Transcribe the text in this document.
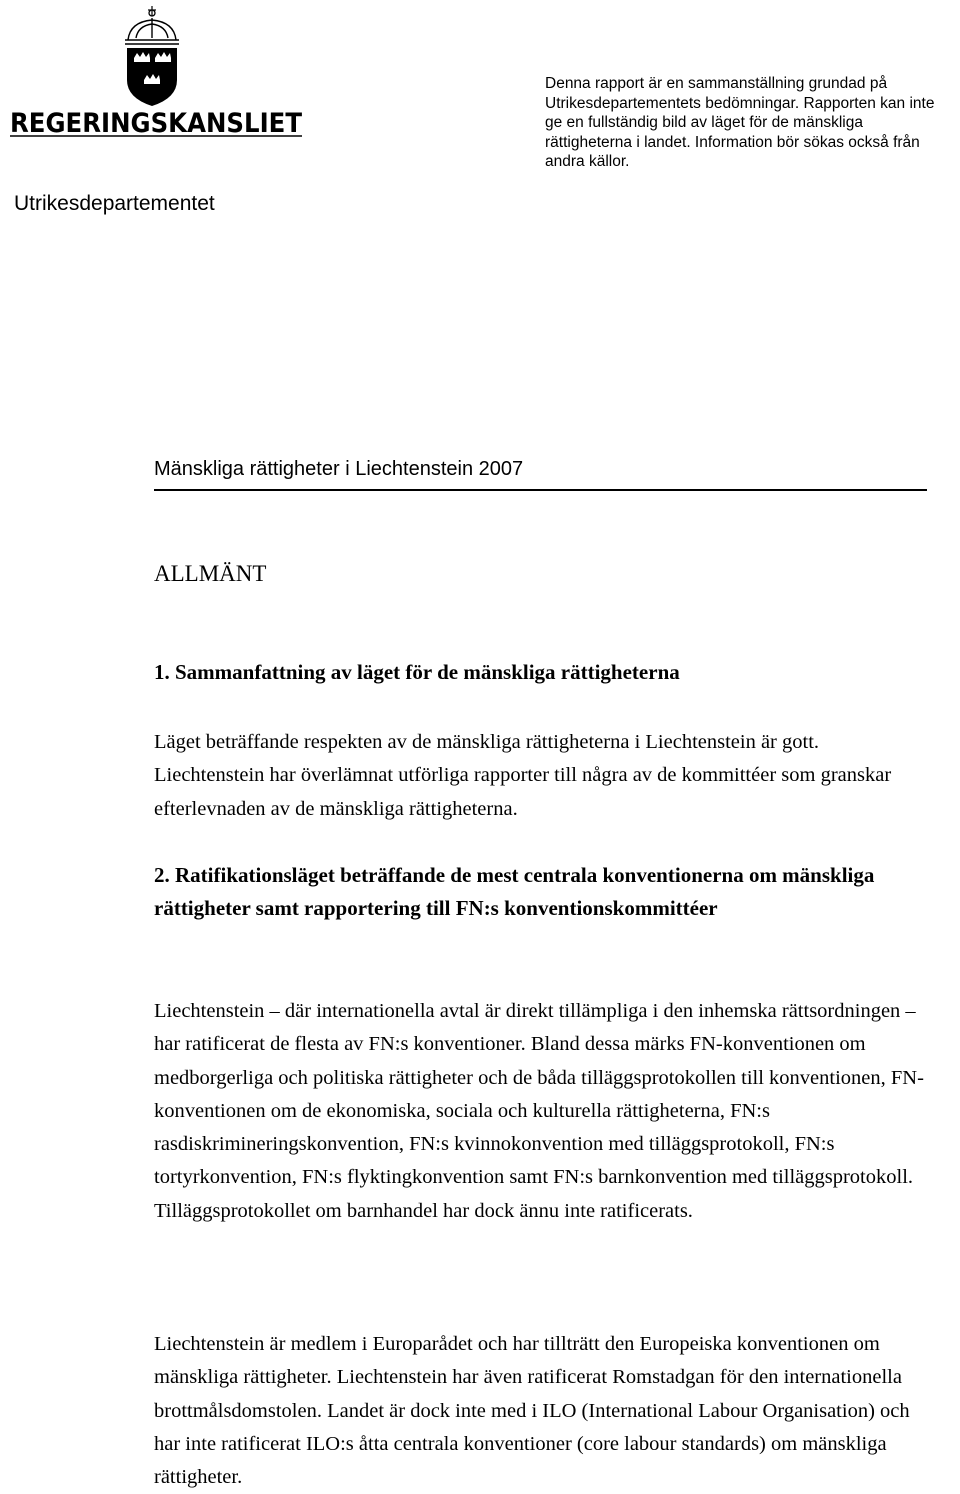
REGERINGSKANSLIET
Utrikesdepartementet
Denna rapport är en sammanställning grundad på Utrikesdepartementets bedömningar. Rapporten kan inte ge en fullständig bild av läget för de mänskliga rättigheterna i landet. Information bör sökas också från andra källor.
Mänskliga rättigheter i Liechtenstein 2007
ALLMÄNT
1. Sammanfattning av läget för de mänskliga rättigheterna

Läget beträffande respekten av de mänskliga rättigheterna i Liechtenstein är gott. Liechtenstein har överlämnat utförliga rapporter till några av de kommittéer som granskar efterlevnaden av de mänskliga rättigheterna.

2. Ratifikationsläget beträffande de mest centrala konventionerna om mänskliga rättigheter samt rapportering till FN:s konventionskommittéer

Liechtenstein – där internationella avtal är direkt tillämpliga i den inhemska rättsordningen – har ratificerat de flesta av FN:s konventioner. Bland dessa märks FN-konventionen om medborgerliga och politiska rättigheter och de båda tilläggsprotokollen till konventionen, FN-konventionen om de ekonomiska, sociala och kulturella rättigheterna, FN:s rasdiskrimineringskonvention, FN:s kvinnokonvention med tilläggsprotokoll, FN:s tortyrkonvention, FN:s flyktingkonvention samt FN:s barnkonvention med tilläggsprotokoll. Tilläggsprotokollet om barnhandel har dock ännu inte ratificerats.

Liechtenstein är medlem i Europarådet och har tillträtt den Europeiska konventionen om mänskliga rättigheter. Liechtenstein har även ratificerat Romstadgan för den internationella brottmålsdomstolen. Landet är dock inte med i ILO (International Labour Organisation) och har inte ratificerat ILO:s åtta centrala konventioner (core labour standards) om mänskliga rättigheter.
